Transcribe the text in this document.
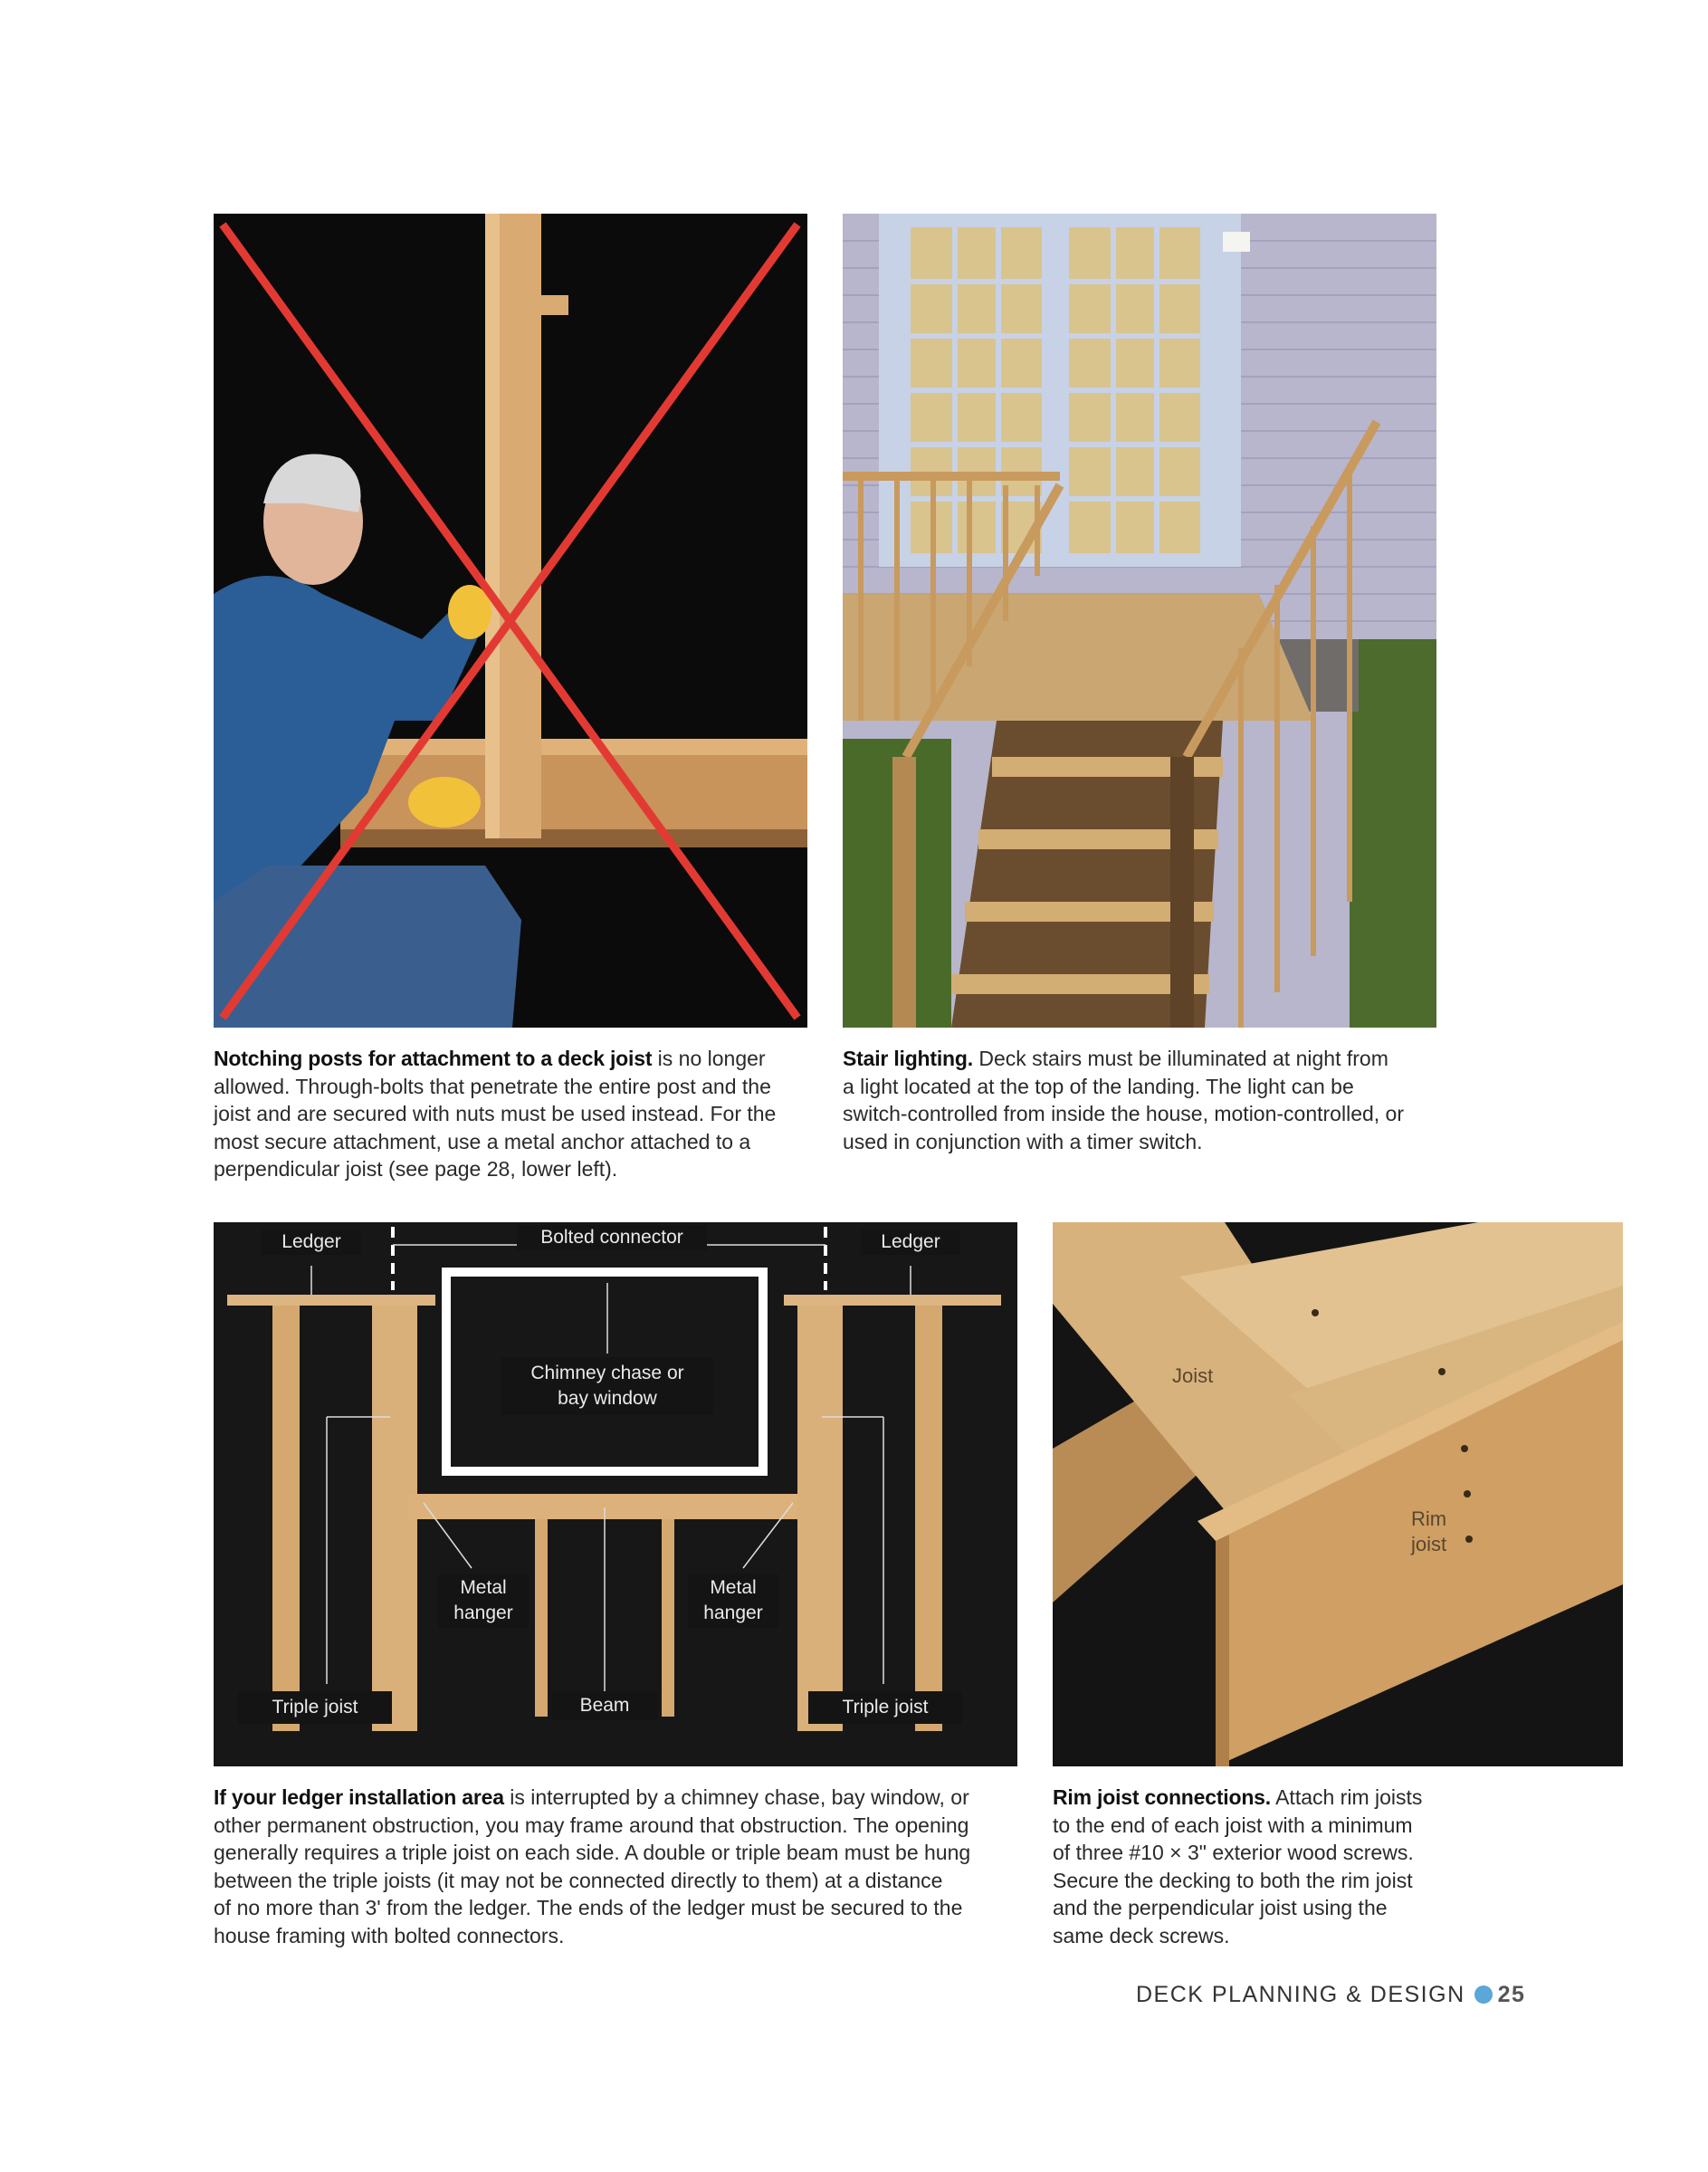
Notching posts for attachment to a deck joist is no longer
allowed. Through-bolts that penetrate the entire post and the
joist and are secured with nuts must be used instead. For the
most secure attachment, use a metal anchor attached to a
perpendicular joist (see page 28, lower left).
Stair lighting. Deck stairs must be illuminated at night from
a light located at the top of the landing. The light can be
switch-controlled from inside the house, motion-controlled, or
used in conjunction with a timer switch.
Ledger	Bolted connector	Ledger
Chimney chase or
bay window
Metal
hanger
Metal
hanger
Triple joist	Beam	Triple joist
Joist
Rim
joist
If your ledger installation area is interrupted by a chimney chase, bay window, or
other permanent obstruction, you may frame around that obstruction. The opening
generally requires a triple joist on each side. A double or triple beam must be hung
between the triple joists (it may not be connected directly to them) at a distance
of no more than 3' from the ledger. The ends of the ledger must be secured to the
house framing with bolted connectors.
Rim joist connections. Attach rim joists
to the end of each joist with a minimum
of three #10 × 3" exterior wood screws.
Secure the decking to both the rim joist
and the perpendicular joist using the
same deck screws.
DECK PLANNING & DESIGN 25
